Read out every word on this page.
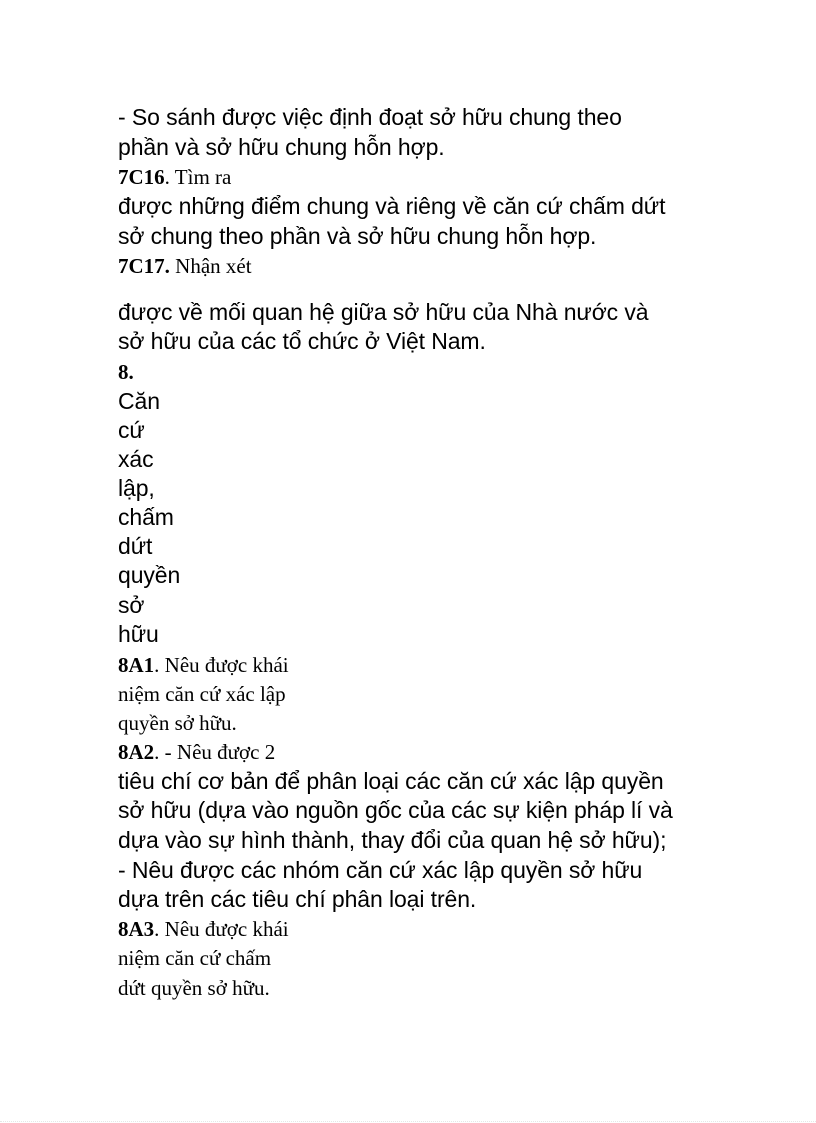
- So sánh được việc định đoạt sở hữu chung theo
phần và sở hữu chung hỗn hợp.
7C16. Tìm ra
được những điểm chung và riêng về căn cứ chấm dứt
sở chung theo phần và sở hữu chung hỗn hợp.
7C17. Nhận xét
được về mối quan hệ giữa sở hữu của Nhà nước và
sở hữu của các tổ chức ở Việt Nam.
8.
Căn
cứ
xác
lập,
chấm
dứt
quyền
sở
hữu
8A1. Nêu được khái
niệm căn cứ xác lập
quyền sở hữu.
8A2. - Nêu được 2
tiêu chí cơ bản để phân loại các căn cứ xác lập quyền
sở hữu (dựa vào nguồn gốc của các sự kiện pháp lí và
dựa vào sự hình thành, thay đổi của quan hệ sở hữu);
- Nêu được các nhóm căn cứ xác lập quyền sở hữu
dựa trên các tiêu chí phân loại trên.
8A3. Nêu được khái
niệm căn cứ chấm
dứt quyền sở hữu.
